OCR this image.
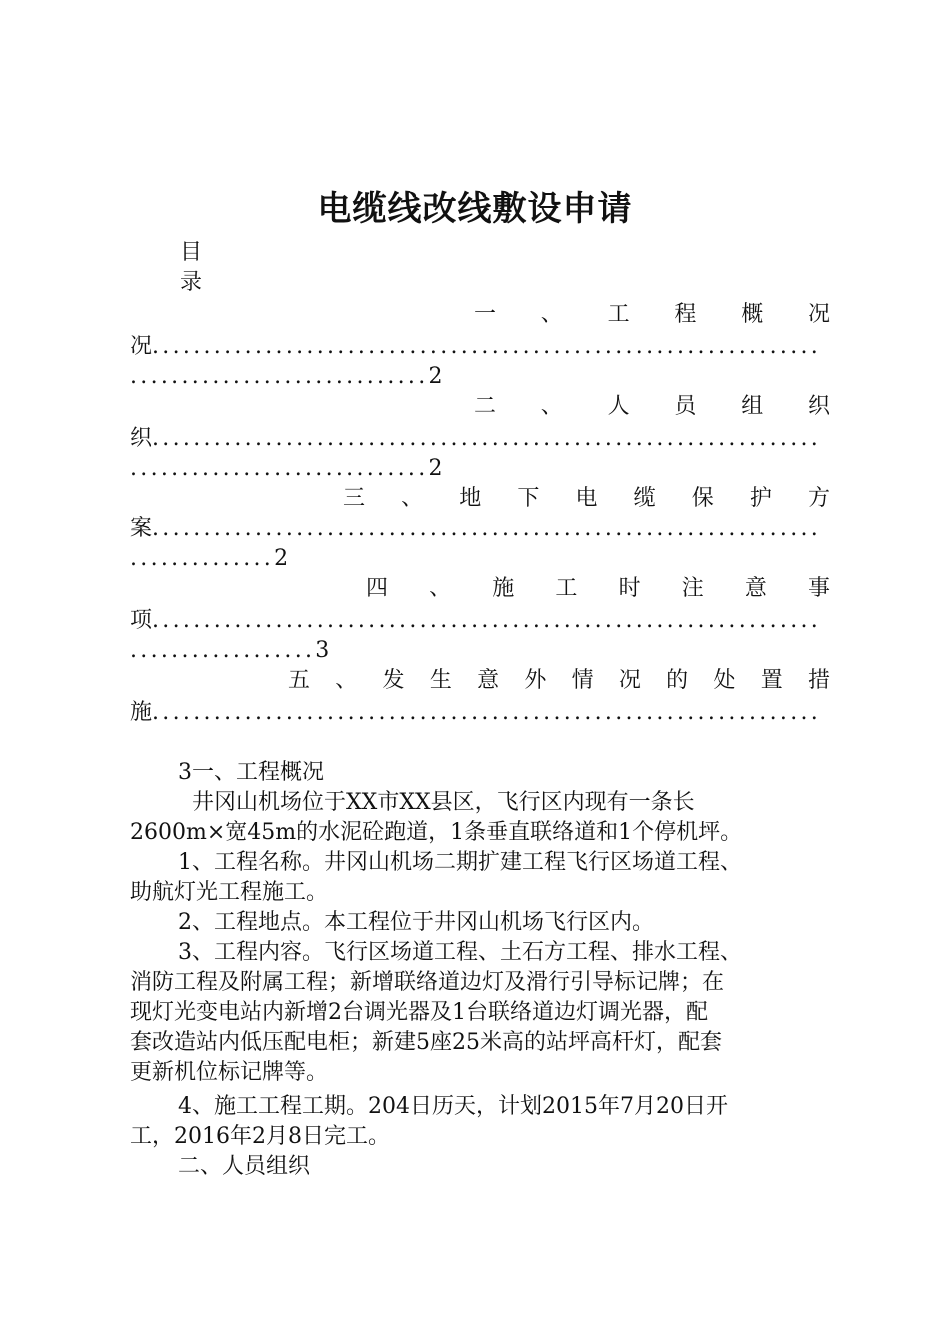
电缆线改线敷设申请
目
录
一、工程概况
况.................................................................
.............................2
二、人员组织
织.................................................................
.............................2
三、地下电缆保护方
案.................................................................
..............2
四、施工时注意事
项.................................................................
..................3
五、发生意外情况的处置措
施.................................................................
3一、工程概况
井冈山机场位于XX市XX县区，飞行区内现有一条长
2600m×宽45m的水泥砼跑道，1条垂直联络道和1个停机坪。
1、工程名称。井冈山机场二期扩建工程飞行区场道工程、
助航灯光工程施工。
2、工程地点。本工程位于井冈山机场飞行区内。
3、工程内容。飞行区场道工程、土石方工程、排水工程、
消防工程及附属工程；新增联络道边灯及滑行引导标记牌；在
现灯光变电站内新增2台调光器及1台联络道边灯调光器，配
套改造站内低压配电柜；新建5座25米高的站坪高杆灯，配套
更新机位标记牌等。
4、施工工程工期。204日历天，计划2015年7月20日开
工，2016年2月8日完工。
二、人员组织
